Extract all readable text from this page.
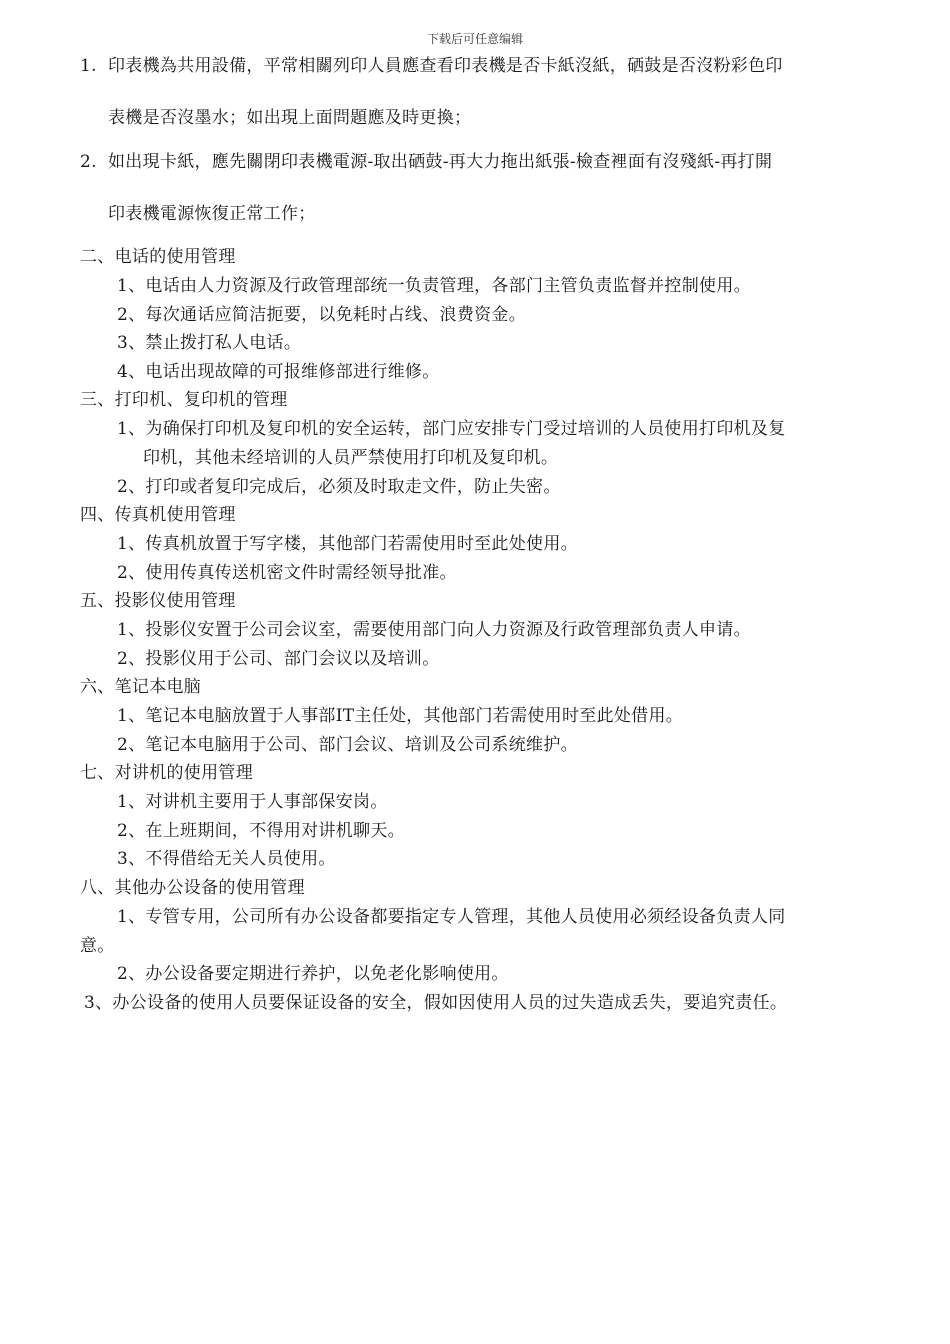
下载后可任意编辑
1. 印表機為共用設備，平常相關列印人員應查看印表機是否卡紙沒紙，硒鼓是否沒粉彩色印
表機是否沒墨水；如出現上面問題應及時更換；
2. 如出現卡紙，應先關閉印表機電源-取出硒鼓-再大力拖出紙張-檢查裡面有沒殘紙-再打開
印表機電源恢復正常工作；
二、电话的使用管理
1、电话由人力资源及行政管理部统一负责管理，各部门主管负责监督并控制使用。
2、每次通话应简洁扼要，以免耗时占线、浪费资金。
3、禁止拨打私人电话。
4、电话出现故障的可报维修部进行维修。
三、打印机、复印机的管理
1、为确保打印机及复印机的安全运转，部门应安排专门受过培训的人员使用打印机及复
印机，其他未经培训的人员严禁使用打印机及复印机。
2、打印或者复印完成后，必须及时取走文件，防止失密。
四、传真机使用管理
1、传真机放置于写字楼，其他部门若需使用时至此处使用。
2、使用传真传送机密文件时需经领导批准。
五、投影仪使用管理
1、投影仪安置于公司会议室，需要使用部门向人力资源及行政管理部负责人申请。
2、投影仪用于公司、部门会议以及培训。
六、笔记本电脑
1、笔记本电脑放置于人事部IT主任处，其他部门若需使用时至此处借用。
2、笔记本电脑用于公司、部门会议、培训及公司系统维护。
七、对讲机的使用管理
1、对讲机主要用于人事部保安岗。
2、在上班期间，不得用对讲机聊天。
3、不得借给无关人员使用。
八、其他办公设备的使用管理
1、专管专用，公司所有办公设备都要指定专人管理，其他人员使用必须经设备负责人同
意。
2、办公设备要定期进行养护，以免老化影响使用。
3、办公设备的使用人员要保证设备的安全，假如因使用人员的过失造成丢失，要追究责任。
